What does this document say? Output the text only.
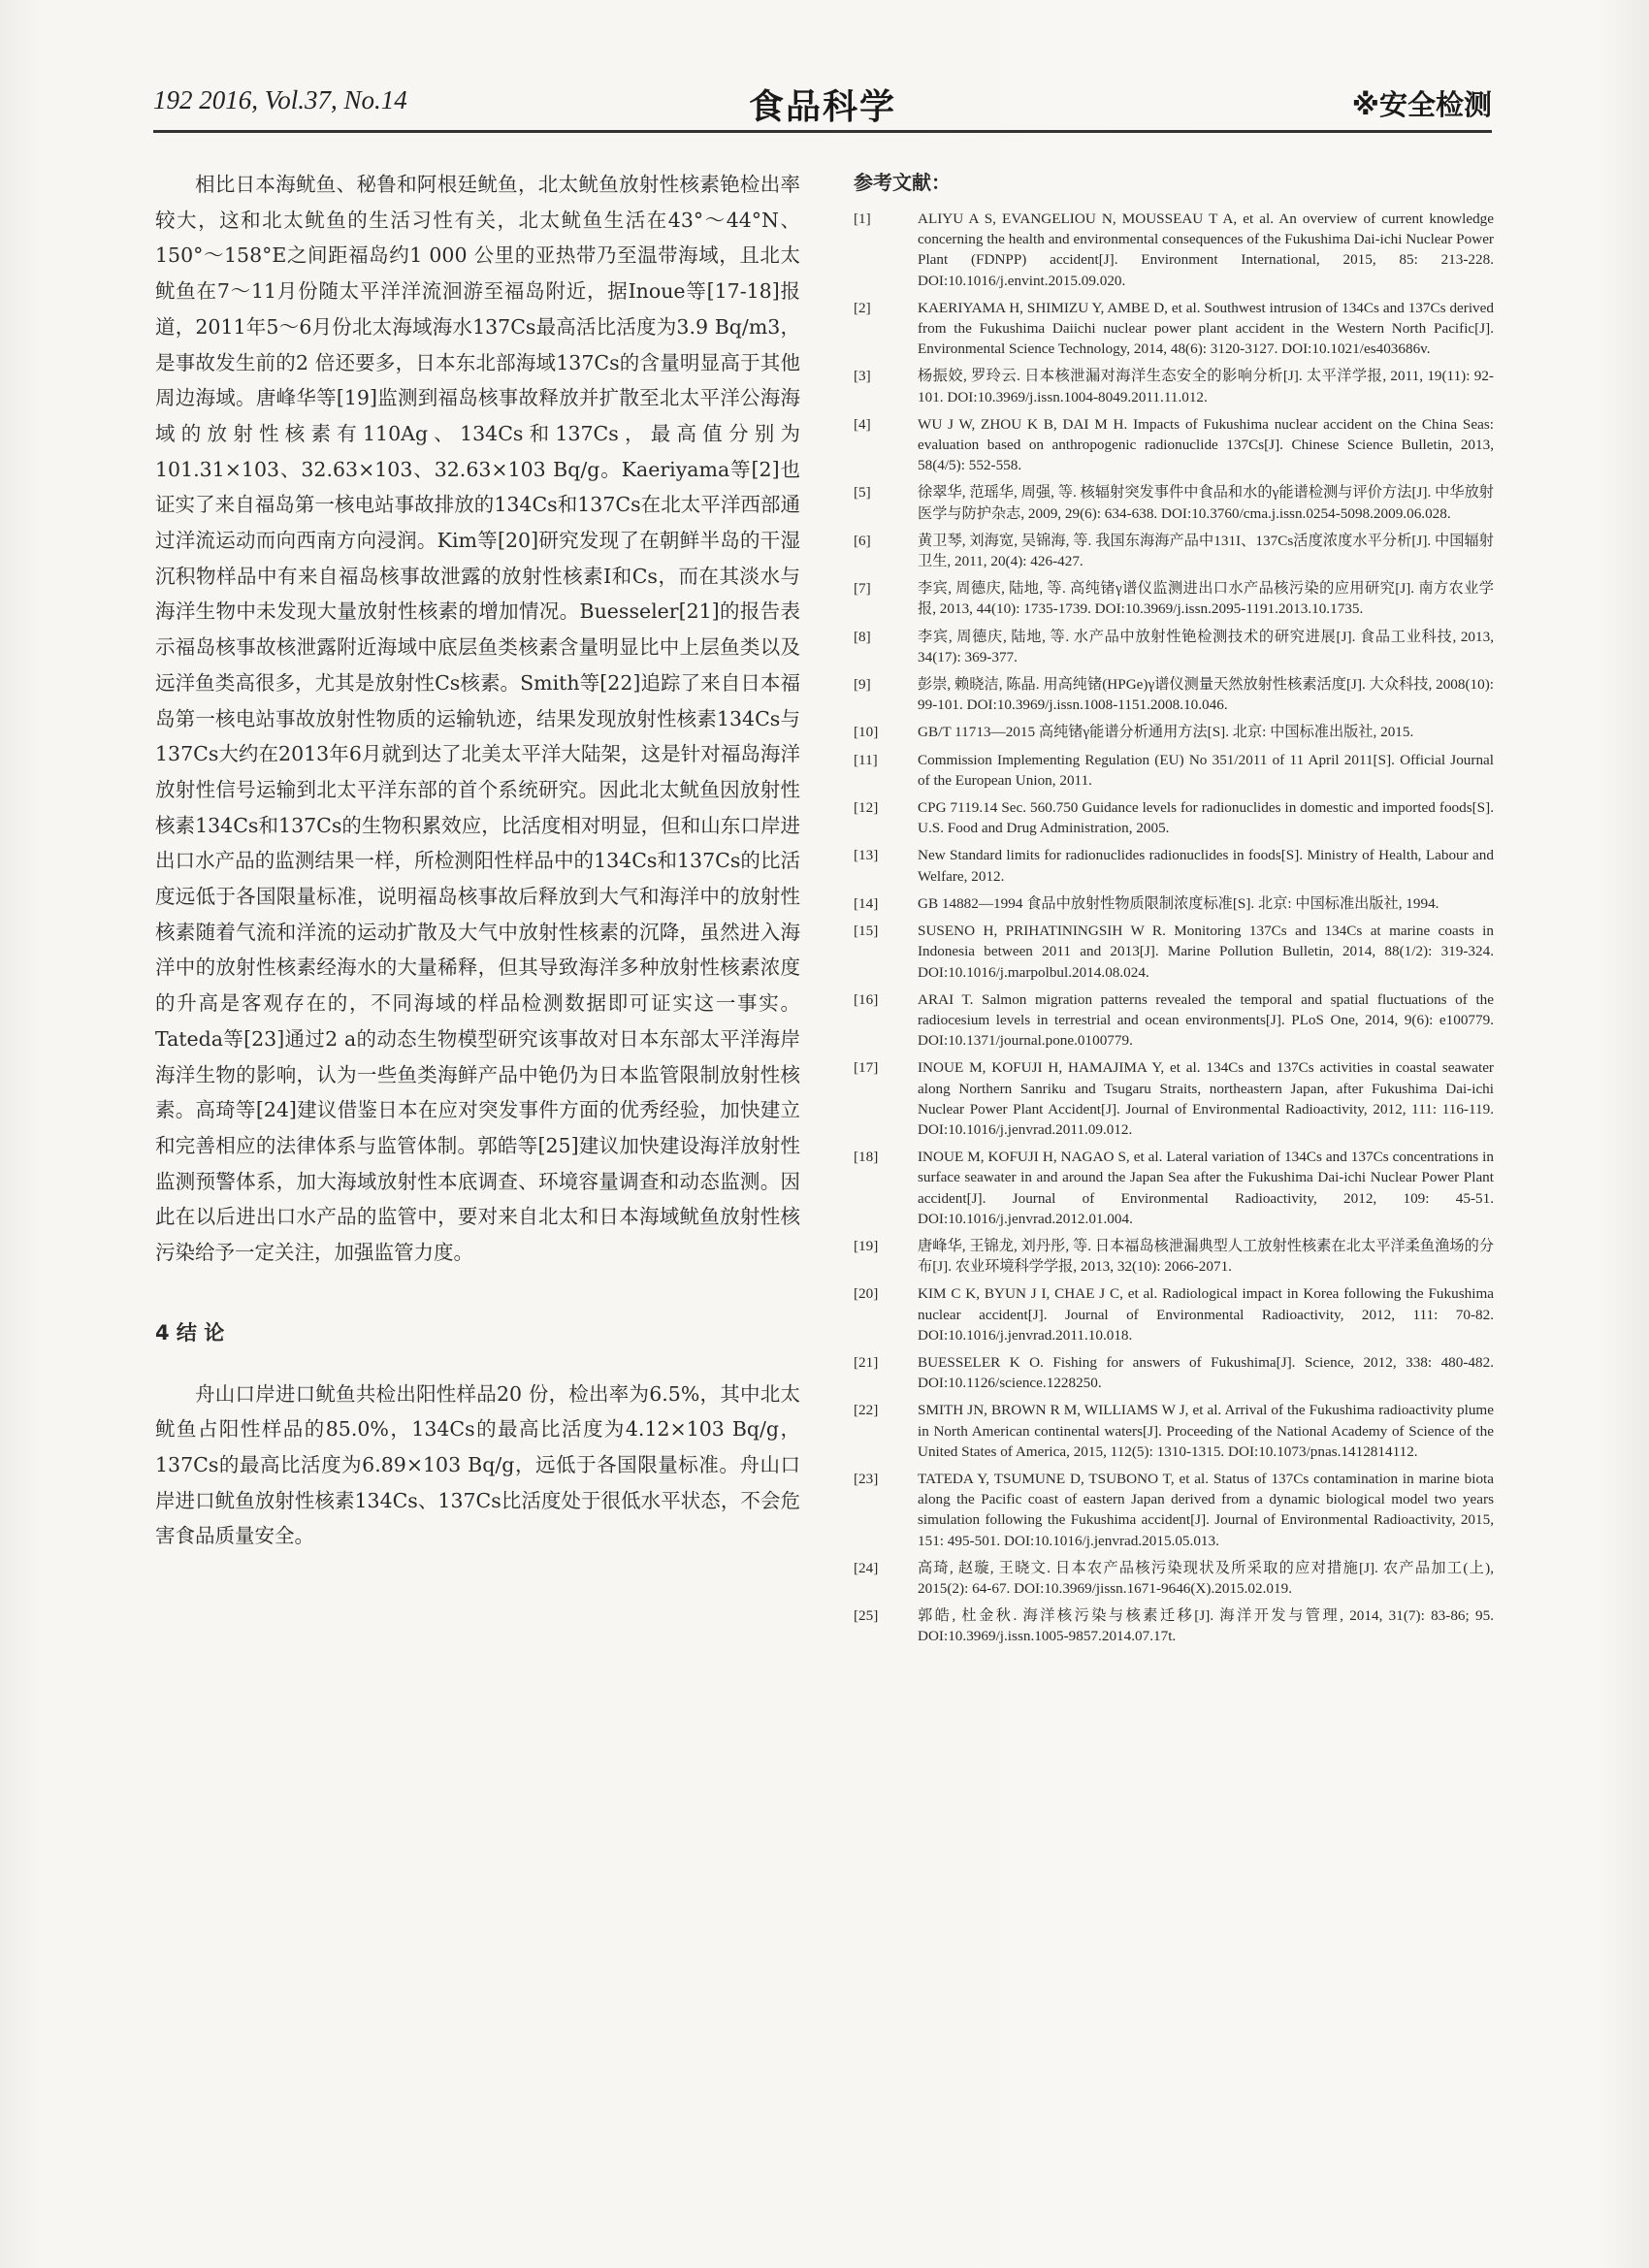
192 2016, Vol.37, No.14	食品科学	※安全检测

相比日本海鱿鱼、秘鲁和阿根廷鱿鱼，北太鱿鱼放射性核素铯检出率较大，这和北太鱿鱼的生活习性有关，北太鱿鱼生活在43°～44°N、150°～158°E之间距福岛约1 000 公里的亚热带乃至温带海域，且北太鱿鱼在7～11月份随太平洋洋流洄游至福岛附近，据Inoue等[17-18]报道，2011年5～6月份北太海域海水137Cs最高活比活度为3.9 Bq/m3，是事故发生前的2 倍还要多，日本东北部海域137Cs的含量明显高于其他周边海域。唐峰华等[19]监测到福岛核事故释放并扩散至北太平洋公海海域的放射性核素有110Ag、134Cs和137Cs，最高值分别为101.31×103、32.63×103、32.63×103 Bq/g。Kaeriyama等[2]也证实了来自福岛第一核电站事故排放的134Cs和137Cs在北太平洋西部通过洋流运动而向西南方向浸润。Kim等[20]研究发现了在朝鲜半岛的干湿沉积物样品中有来自福岛核事故泄露的放射性核素I和Cs，而在其淡水与海洋生物中未发现大量放射性核素的增加情况。Buesseler[21]的报告表示福岛核事故核泄露附近海域中底层鱼类核素含量明显比中上层鱼类以及远洋鱼类高很多，尤其是放射性Cs核素。Smith等[22]追踪了来自日本福岛第一核电站事故放射性物质的运输轨迹，结果发现放射性核素134Cs与137Cs大约在2013年6月就到达了北美太平洋大陆架，这是针对福岛海洋放射性信号运输到北太平洋东部的首个系统研究。因此北太鱿鱼因放射性核素134Cs和137Cs的生物积累效应，比活度相对明显，但和山东口岸进出口水产品的监测结果一样，所检测阳性样品中的134Cs和137Cs的比活度远低于各国限量标准，说明福岛核事故后释放到大气和海洋中的放射性核素随着气流和洋流的运动扩散及大气中放射性核素的沉降，虽然进入海洋中的放射性核素经海水的大量稀释，但其导致海洋多种放射性核素浓度的升高是客观存在的，不同海域的样品检测数据即可证实这一事实。Tateda等[23]通过2 a的动态生物模型研究该事故对日本东部太平洋海岸海洋生物的影响，认为一些鱼类海鲜产品中铯仍为日本监管限制放射性核素。高琦等[24]建议借鉴日本在应对突发事件方面的优秀经验，加快建立和完善相应的法律体系与监管体制。郭皓等[25]建议加快建设海洋放射性监测预警体系，加大海域放射性本底调查、环境容量调查和动态监测。因此在以后进出口水产品的监管中，要对来自北太和日本海域鱿鱼放射性核污染给予一定关注，加强监管力度。

4 结 论

舟山口岸进口鱿鱼共检出阳性样品20 份，检出率为6.5%，其中北太鱿鱼占阳性样品的85.0%，134Cs的最高比活度为4.12×103 Bq/g，137Cs的最高比活度为6.89×103 Bq/g，远低于各国限量标准。舟山口岸进口鱿鱼放射性核素134Cs、137Cs比活度处于很低水平状态，不会危害食品质量安全。

参考文献：
[1]	ALIYU A S, EVANGELIOU N, MOUSSEAU T A, et al. An overview of current knowledge concerning the health and environmental consequences of the Fukushima Dai-ichi Nuclear Power Plant (FDNPP) accident[J]. Environment International, 2015, 85: 213-228. DOI:10.1016/j.envint.2015.09.020.
[2]	KAERIYAMA H, SHIMIZU Y, AMBE D, et al. Southwest intrusion of 134Cs and 137Cs derived from the Fukushima Daiichi nuclear power plant accident in the Western North Pacific[J]. Environmental Science Technology, 2014, 48(6): 3120-3127. DOI:10.1021/es403686v.
[3]	杨振姣, 罗玲云. 日本核泄漏对海洋生态安全的影响分析[J]. 太平洋学报, 2011, 19(11): 92-101. DOI:10.3969/j.issn.1004-8049.2011.11.012.
[4]	WU J W, ZHOU K B, DAI M H. Impacts of Fukushima nuclear accident on the China Seas: evaluation based on anthropogenic radionuclide 137Cs[J]. Chinese Science Bulletin, 2013, 58(4/5): 552-558.
[5]	徐翠华, 范瑶华, 周强, 等. 核辐射突发事件中食品和水的γ能谱检测与评价方法[J]. 中华放射医学与防护杂志, 2009, 29(6): 634-638. DOI:10.3760/cma.j.issn.0254-5098.2009.06.028.
[6]	黄卫琴, 刘海宽, 吴锦海, 等. 我国东海海产品中131I、137Cs活度浓度水平分析[J]. 中国辐射卫生, 2011, 20(4): 426-427.
[7]	李宾, 周德庆, 陆地, 等. 高纯锗γ谱仪监测进出口水产品核污染的应用研究[J]. 南方农业学报, 2013, 44(10): 1735-1739. DOI:10.3969/j.issn.2095-1191.2013.10.1735.
[8]	李宾, 周德庆, 陆地, 等. 水产品中放射性铯检测技术的研究进展[J]. 食品工业科技, 2013, 34(17): 369-377.
[9]	彭崇, 赖晓洁, 陈晶. 用高纯锗(HPGe)γ谱仪测量天然放射性核素活度[J]. 大众科技, 2008(10): 99-101. DOI:10.3969/j.issn.1008-1151.2008.10.046.
[10]	GB/T 11713—2015 高纯锗γ能谱分析通用方法[S]. 北京: 中国标准出版社, 2015.
[11]	Commission Implementing Regulation (EU) No 351/2011 of 11 April 2011[S]. Official Journal of the European Union, 2011.
[12]	CPG 7119.14 Sec. 560.750 Guidance levels for radionuclides in domestic and imported foods[S]. U.S. Food and Drug Administration, 2005.
[13]	New Standard limits for radionuclides radionuclides in foods[S]. Ministry of Health, Labour and Welfare, 2012.
[14]	GB 14882—1994 食品中放射性物质限制浓度标准[S]. 北京: 中国标准出版社, 1994.
[15]	SUSENO H, PRIHATININGSIH W R. Monitoring 137Cs and 134Cs at marine coasts in Indonesia between 2011 and 2013[J]. Marine Pollution Bulletin, 2014, 88(1/2): 319-324. DOI:10.1016/j.marpolbul.2014.08.024.
[16]	ARAI T. Salmon migration patterns revealed the temporal and spatial fluctuations of the radiocesium levels in terrestrial and ocean environments[J]. PLoS One, 2014, 9(6): e100779. DOI:10.1371/journal.pone.0100779.
[17]	INOUE M, KOFUJI H, HAMAJIMA Y, et al. 134Cs and 137Cs activities in coastal seawater along Northern Sanriku and Tsugaru Straits, northeastern Japan, after Fukushima Dai-ichi Nuclear Power Plant Accident[J]. Journal of Environmental Radioactivity, 2012, 111: 116-119. DOI:10.1016/j.jenvrad.2011.09.012.
[18]	INOUE M, KOFUJI H, NAGAO S, et al. Lateral variation of 134Cs and 137Cs concentrations in surface seawater in and around the Japan Sea after the Fukushima Dai-ichi Nuclear Power Plant accident[J]. Journal of Environmental Radioactivity, 2012, 109: 45-51. DOI:10.1016/j.jenvrad.2012.01.004.
[19]	唐峰华, 王锦龙, 刘丹彤, 等. 日本福岛核泄漏典型人工放射性核素在北太平洋柔鱼渔场的分布[J]. 农业环境科学学报, 2013, 32(10): 2066-2071.
[20]	KIM C K, BYUN J I, CHAE J C, et al. Radiological impact in Korea following the Fukushima nuclear accident[J]. Journal of Environmental Radioactivity, 2012, 111: 70-82. DOI:10.1016/j.jenvrad.2011.10.018.
[21]	BUESSELER K O. Fishing for answers of Fukushima[J]. Science, 2012, 338: 480-482. DOI:10.1126/science.1228250.
[22]	SMITH JN, BROWN R M, WILLIAMS W J, et al. Arrival of the Fukushima radioactivity plume in North American continental waters[J]. Proceeding of the National Academy of Science of the United States of America, 2015, 112(5): 1310-1315. DOI:10.1073/pnas.1412814112.
[23]	TATEDA Y, TSUMUNE D, TSUBONO T, et al. Status of 137Cs contamination in marine biota along the Pacific coast of eastern Japan derived from a dynamic biological model two years simulation following the Fukushima accident[J]. Journal of Environmental Radioactivity, 2015, 151: 495-501. DOI:10.1016/j.jenvrad.2015.05.013.
[24]	高琦, 赵璇, 王晓文. 日本农产品核污染现状及所采取的应对措施[J]. 农产品加工(上), 2015(2): 64-67. DOI:10.3969/jissn.1671-9646(X).2015.02.019.
[25]	郭皓, 杜金秋. 海洋核污染与核素迁移[J]. 海洋开发与管理, 2014, 31(7): 83-86; 95. DOI:10.3969/j.issn.1005-9857.2014.07.17t.
